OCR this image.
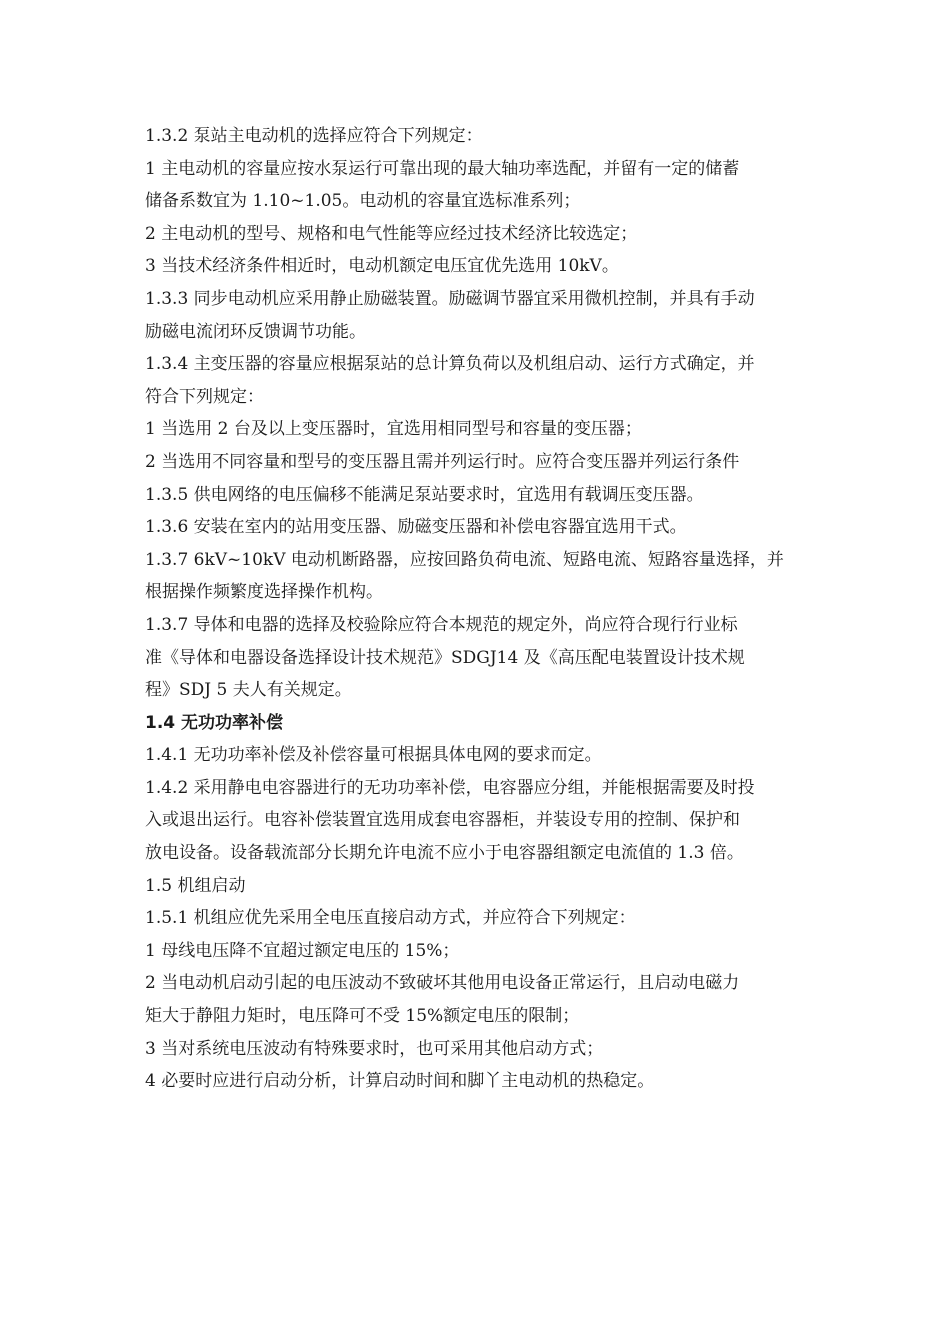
1.3.2 泵站主电动机的选择应符合下列规定：
1 主电动机的容量应按水泵运行可靠出现的最大轴功率选配，并留有一定的储蓄
储备系数宜为 1.10~1.05。电动机的容量宜选标准系列；
2 主电动机的型号、规格和电气性能等应经过技术经济比较选定；
3 当技术经济条件相近时，电动机额定电压宜优先选用 10kV。
1.3.3 同步电动机应采用静止励磁装置。励磁调节器宜采用微机控制，并具有手动
励磁电流闭环反馈调节功能。
1.3.4 主变压器的容量应根据泵站的总计算负荷以及机组启动、运行方式确定，并
符合下列规定：
1 当选用 2 台及以上变压器时，宜选用相同型号和容量的变压器；
2 当选用不同容量和型号的变压器且需并列运行时。应符合变压器并列运行条件
1.3.5 供电网络的电压偏移不能满足泵站要求时，宜选用有载调压变压器。
1.3.6 安装在室内的站用变压器、励磁变压器和补偿电容器宜选用干式。
1.3.7 6kV~10kV 电动机断路器，应按回路负荷电流、短路电流、短路容量选择，并
根据操作频繁度选择操作机构。
1.3.7 导体和电器的选择及校验除应符合本规范的规定外，尚应符合现行行业标
准《导体和电器设备选择设计技术规范》SDGJ14 及《高压配电装置设计技术规
程》SDJ 5 夫人有关规定。
1.4 无功功率补偿
1.4.1 无功功率补偿及补偿容量可根据具体电网的要求而定。
1.4.2 采用静电电容器进行的无功功率补偿，电容器应分组，并能根据需要及时投
入或退出运行。电容补偿装置宜选用成套电容器柜，并装设专用的控制、保护和
放电设备。设备载流部分长期允许电流不应小于电容器组额定电流值的 1.3 倍。
1.5 机组启动
1.5.1 机组应优先采用全电压直接启动方式，并应符合下列规定：
1 母线电压降不宜超过额定电压的 15%；
2 当电动机启动引起的电压波动不致破坏其他用电设备正常运行，且启动电磁力
矩大于静阻力矩时，电压降可不受 15%额定电压的限制；
3 当对系统电压波动有特殊要求时，也可采用其他启动方式；
4 必要时应进行启动分析，计算启动时间和脚丫主电动机的热稳定。
